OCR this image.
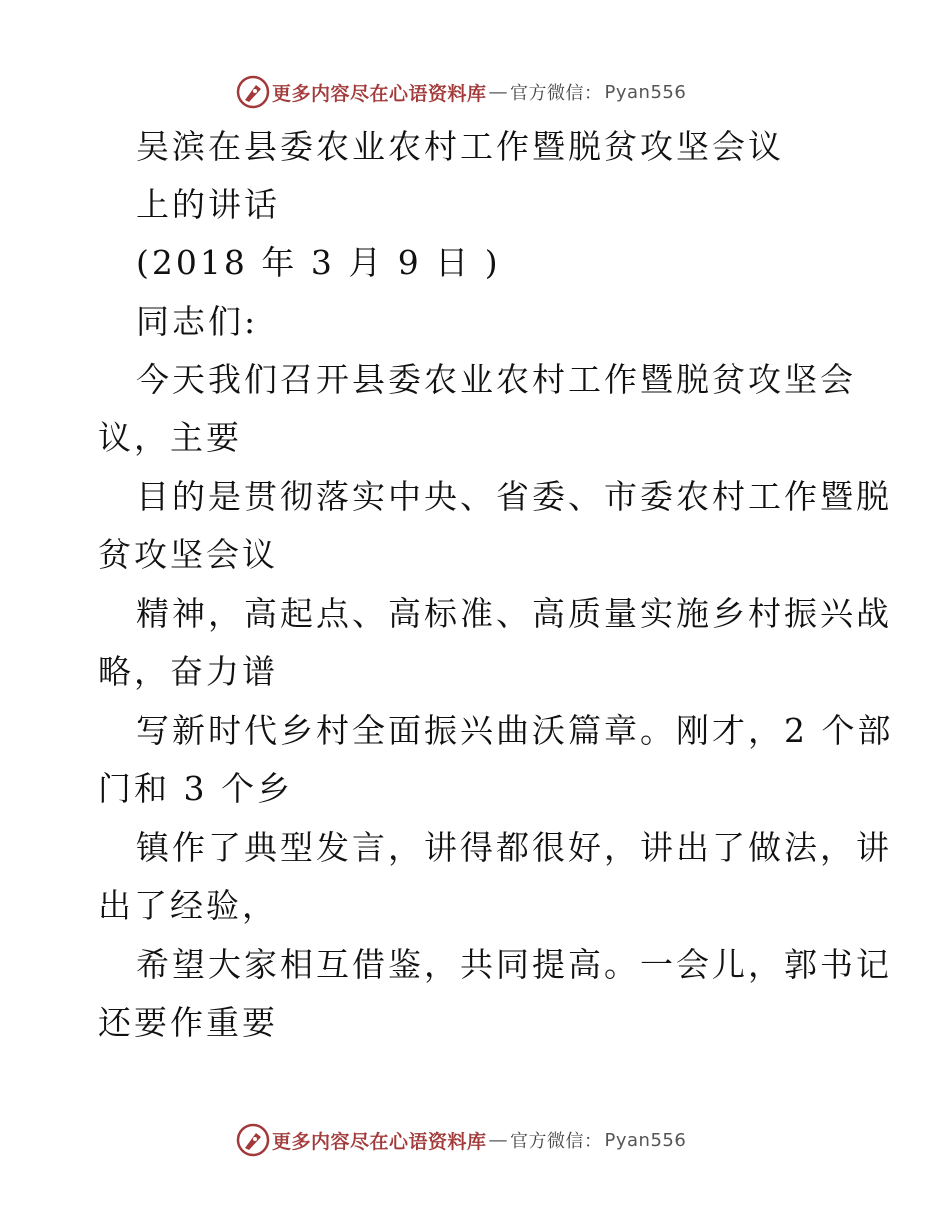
更多内容尽在心语资料库 — 官方微信： Pyan556
吴滨在县委农业农村工作暨脱贫攻坚会议
上的讲话
(2018 年 3 月 9 日 )
同志们:
今天我们召开县委农业农村工作暨脱贫攻坚会
议，主要
目的是贯彻落实中央、省委、市委农村工作暨脱
贫攻坚会议
精神，高起点、高标准、高质量实施乡村振兴战
略，奋力谱
写新时代乡村全面振兴曲沃篇章。刚才，2 个部
门和 3 个乡
镇作了典型发言，讲得都很好，讲出了做法，讲
出了经验，
希望大家相互借鉴，共同提高。一会儿，郭书记
还要作重要
更多内容尽在心语资料库 — 官方微信： Pyan556
